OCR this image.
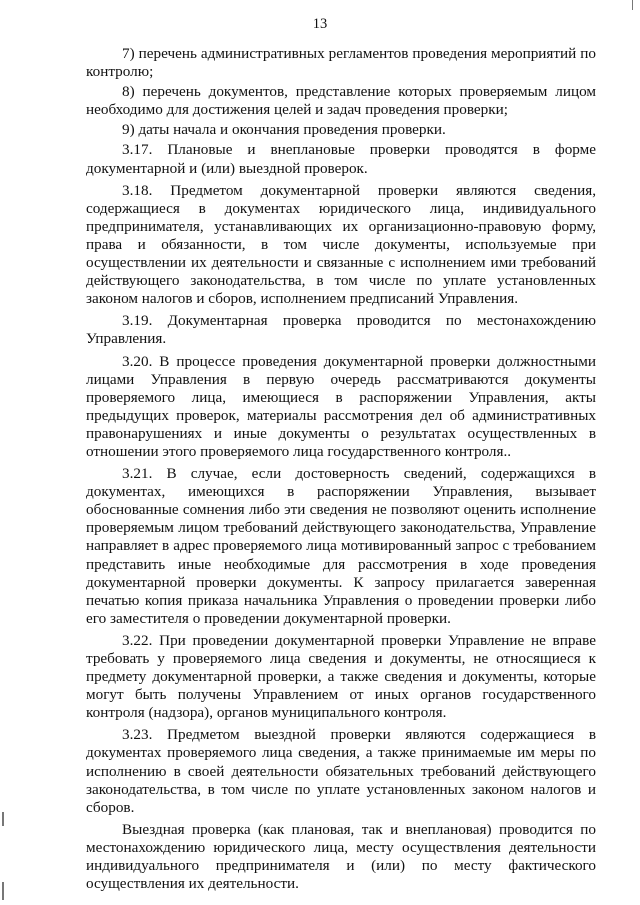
13

7) перечень административных регламентов проведения мероприятий по контролю;

8) перечень документов, представление которых проверяемым лицом необходимо для достижения целей и задач проведения проверки;

9) даты начала и окончания проведения проверки.

3.17. Плановые и внеплановые проверки проводятся в форме документарной и (или) выездной проверок.

3.18. Предметом документарной проверки являются сведения, содержащиеся в документах юридического лица, индивидуального предпринимателя, устанавливающих их организационно-правовую форму, права и обязанности, в том числе документы, используемые при осуществлении их деятельности и связанные с исполнением ими требований действующего законодательства, в том числе по уплате установленных законом налогов и сборов, исполнением предписаний Управления.

3.19. Документарная проверка проводится по местонахождению Управления.

3.20. В процессе проведения документарной проверки должностными лицами Управления в первую очередь рассматриваются документы проверяемого лица, имеющиеся в распоряжении Управления, акты предыдущих проверок, материалы рассмотрения дел об административных правонарушениях и иные документы о результатах осуществленных в отношении этого проверяемого лица государственного контроля..

3.21. В случае, если достоверность сведений, содержащихся в документах, имеющихся в распоряжении Управления, вызывает обоснованные сомнения либо эти сведения не позволяют оценить исполнение проверяемым лицом требований действующего законодательства, Управление направляет в адрес проверяемого лица мотивированный запрос с требованием представить иные необходимые для рассмотрения в ходе проведения документарной проверки документы. К запросу прилагается заверенная печатью копия приказа начальника Управления о проведении проверки либо его заместителя о проведении документарной проверки.

3.22. При проведении документарной проверки Управление не вправе требовать у проверяемого лица сведения и документы, не относящиеся к предмету документарной проверки, а также сведения и документы, которые могут быть получены Управлением от иных органов государственного контроля (надзора), органов муниципального контроля.

3.23. Предметом выездной проверки являются содержащиеся в документах проверяемого лица сведения, а также принимаемые им меры по исполнению в своей деятельности обязательных требований действующего законодательства, в том числе по уплате установленных законом налогов и сборов.

Выездная проверка (как плановая, так и внеплановая) проводится по местонахождению юридического лица, месту осуществления деятельности индивидуального предпринимателя и (или) по месту фактического осуществления их деятельности.
